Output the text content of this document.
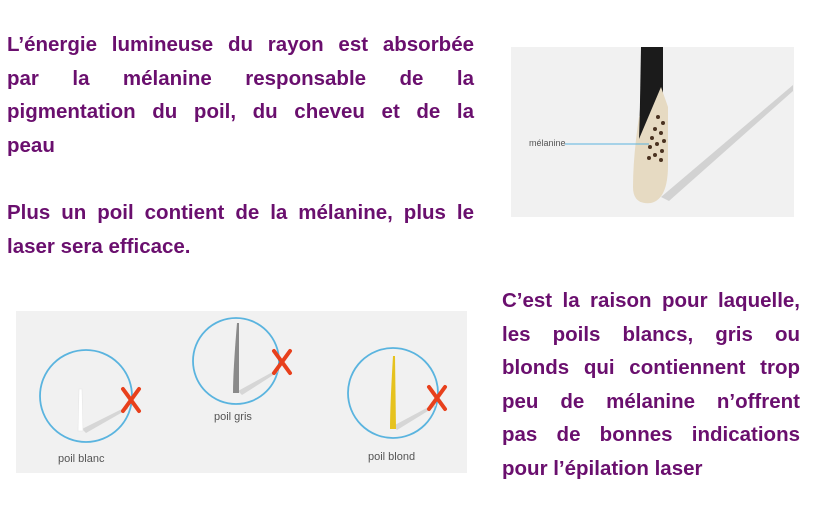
L’énergie lumineuse du rayon est absorbée
par la mélanine responsable de la
pigmentation du poil, du cheveu et de la
peau
Plus un poil contient de la mélanine, plus le
laser sera efficace.
C’est la raison pour laquelle,
les poils blancs, gris ou
blonds qui contiennent trop
peu de mélanine n’offrent
pas de bonnes indications
pour l’épilation laser
mélanine
poil blanc
poil gris
poil blond
